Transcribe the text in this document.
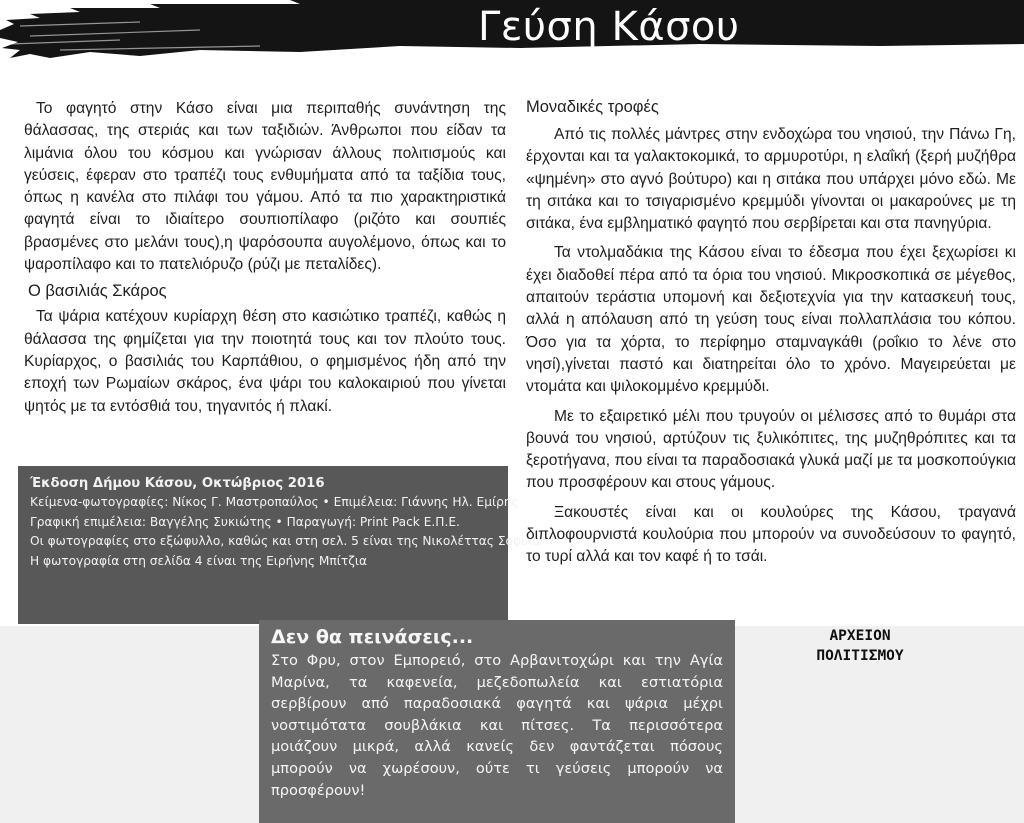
Γεύση Κάσου

Το φαγητό στην Κάσο είναι μια περιπαθής συνάντηση της θάλασσας, της στεριάς και των ταξιδιών. Άνθρωποι που είδαν τα λιμάνια όλου του κόσμου και γνώρισαν άλλους πολιτισμούς και γεύσεις, έφεραν στο τραπέζι τους ενθυμήματα από τα ταξίδια τους, όπως η κανέλα στο πιλάφι του γάμου. Από τα πιο χαρακτηριστικά φαγητά είναι το ιδιαίτερο σουπιοπίλαφο (ριζότο και σουπιές βρασμένες στο μελάνι τους),η ψαρόσουπα αυγολέμονο, όπως και το ψαροπίλαφο και το πατελιόρυζο (ρύζι με πεταλίδες).

Ο βασιλιάς Σκάρος

Τα ψάρια κατέχουν κυρίαρχη θέση στο κασιώτικο τραπέζι, καθώς η θάλασσα της φημίζεται για την ποιοτητά τους και τον πλούτο τους. Κυρίαρχος, ο βασιλιάς του Καρπάθιου, ο φημισμένος ήδη από την εποχή των Ρωμαίων σκάρος, ένα ψάρι του καλοκαιριού που γίνεται ψητός με τα εντόσθιά του, τηγανιτός ή πλακί.

Έκδοση Δήμου Κάσου, Οκτώβριος 2016
Κείμενα-φωτογραφίες: Νίκος Γ. Μαστροπαύλος • Επιμέλεια: Γιάννης Ηλ. Εμίρης
Γραφική επιμέλεια: Βαγγέλης Συκιώτης • Παραγωγή: Print Pack Ε.Π.Ε.
Οι φωτογραφίες στο εξώφυλλο, καθώς και στη σελ. 5 είναι της Νικολέττας Σοφίλα
Η φωτογραφία στη σελίδα 4 είναι της Ειρήνης Μπίτζια
Μοναδικές τροφές

Από τις πολλές μάντρες στην ενδοχώρα του νησιού, την Πάνω Γη, έρχονται και τα γαλακτοκομικά, το αρμυρoτύρι, η ελαΐκή (ξερή μυζήθρα «ψημένη» στο αγνό βούτυρο) και η σιτάκα που υπάρχει μόνο εδώ. Με τη σιτάκα και το τσιγαρισμένο κρεμμύδι γίνονται οι μακαρούνες με τη σιτάκα, ένα εμβληματικό φαγητό που σερβίρεται και στα πανηγύρια.

Τα ντολμαδάκια της Κάσου είναι το έδεσμα που έχει ξεχωρίσει κι έχει διαδοθεί πέρα από τα όρια του νησιού. Μικροσκοπικά σε μέγεθος, απαιτούν τεράστια υπομονή και δεξιοτεχνία για την κατασκευή τους, αλλά η απόλαυση από τη γεύση τους είναι πολλαπλάσια του κόπου. Όσο για τα χόρτα, το περίφημο σταμναγκάθι (ροΐκιο το λένε στο νησί),γίνεται παστό και διατηρείται όλο το χρόνο. Μαγειρεύεται με ντομάτα και ψιλοκομμένο κρεμμύδι.

Με το εξαιρετικό μέλι που τρυγούν οι μέλισσες από το θυμάρι στα βουνά του νησιού, αρτύζουν τις ξυλικόπιτες, της μυζηθρόπιτες και τα ξεροτήγανα, που είναι τα παραδοσιακά γλυκά μαζί με τα μοσκοπούγκια που προσφέρουν και στους γάμους.

Ξακουστές είναι και οι κουλούρες της Κάσου, τραγανά διπλοφουρνιστά κουλούρια που μπορούν να συνοδεύσουν το φαγητό, το τυρί αλλά και τον καφέ ή το τσάι.

Δεν θα πεινάσεις...

Στο Φρυ, στον Εμπορειό, στο Αρβανιτοχώρι και την Αγία Μαρίνα, τα καφενεία, μεζεδοπωλεία και εστιατόρια σερβίρουν από παραδοσιακά φαγητά και ψάρια μέχρι νοστιμότατα σουβλάκια και πίτσες. Τα περισσότερα μοιάζουν μικρά, αλλά κανείς δεν φαντάζεται πόσους μπορούν να χωρέσουν, ούτε τι γεύσεις μπορούν να προσφέρουν!

ΑΡΧΕΙΟΝ
ΠΟΛΙΤΙΣΜΟΥ
